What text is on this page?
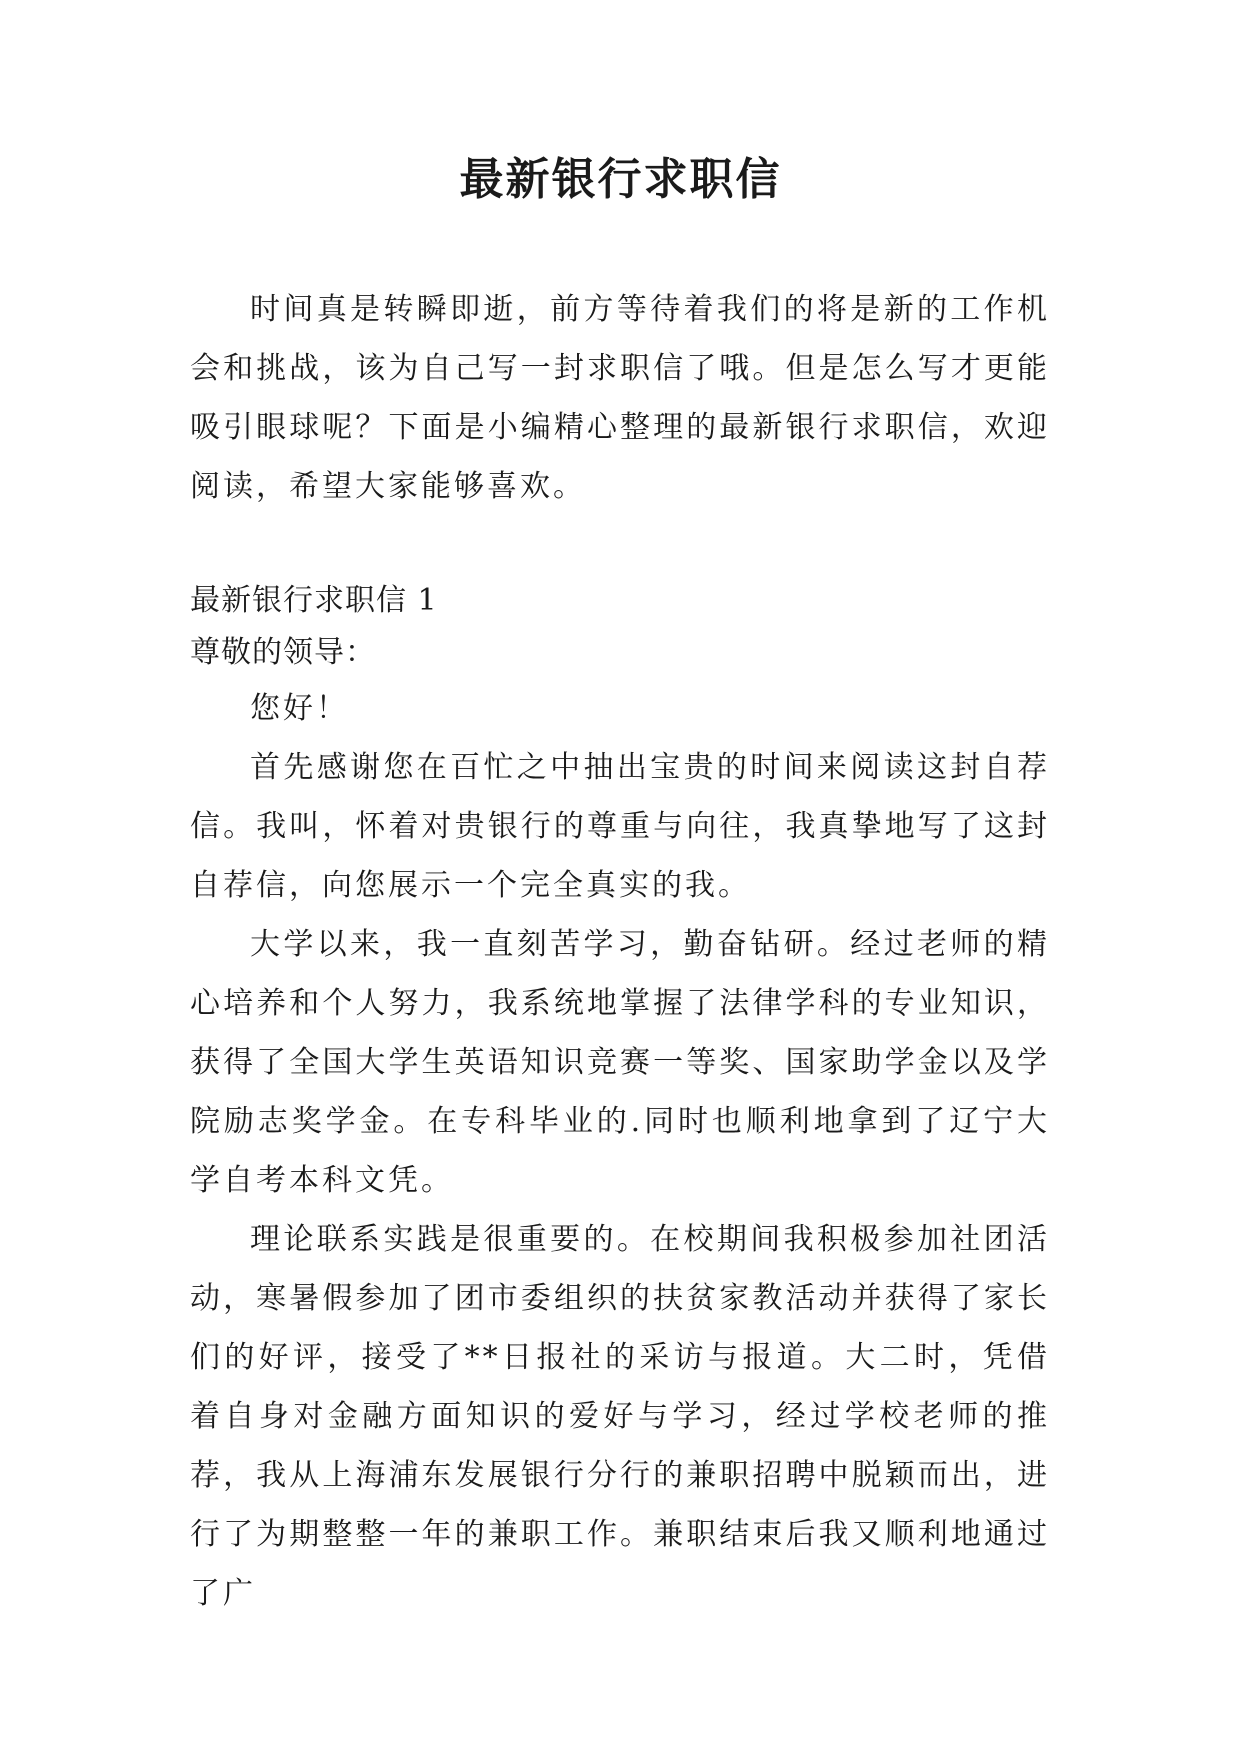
最新银行求职信

时间真是转瞬即逝，前方等待着我们的将是新的工作机会和挑战，该为自己写一封求职信了哦。但是怎么写才更能吸引眼球呢？下面是小编精心整理的最新银行求职信，欢迎阅读，希望大家能够喜欢。

最新银行求职信 1

尊敬的领导：

您好！

首先感谢您在百忙之中抽出宝贵的时间来阅读这封自荐信。我叫，怀着对贵银行的尊重与向往，我真挚地写了这封自荐信，向您展示一个完全真实的我。

大学以来，我一直刻苦学习，勤奋钻研。经过老师的精心培养和个人努力，我系统地掌握了法律学科的专业知识，获得了全国大学生英语知识竞赛一等奖、国家助学金以及学院励志奖学金。在专科毕业的.同时也顺利地拿到了辽宁大学自考本科文凭。

理论联系实践是很重要的。在校期间我积极参加社团活动，寒暑假参加了团市委组织的扶贫家教活动并获得了家长们的好评，接受了**日报社的采访与报道。大二时，凭借着自身对金融方面知识的爱好与学习，经过学校老师的推荐，我从上海浦东发展银行分行的兼职招聘中脱颖而出，进行了为期整整一年的兼职工作。兼职结束后我又顺利地通过了广
